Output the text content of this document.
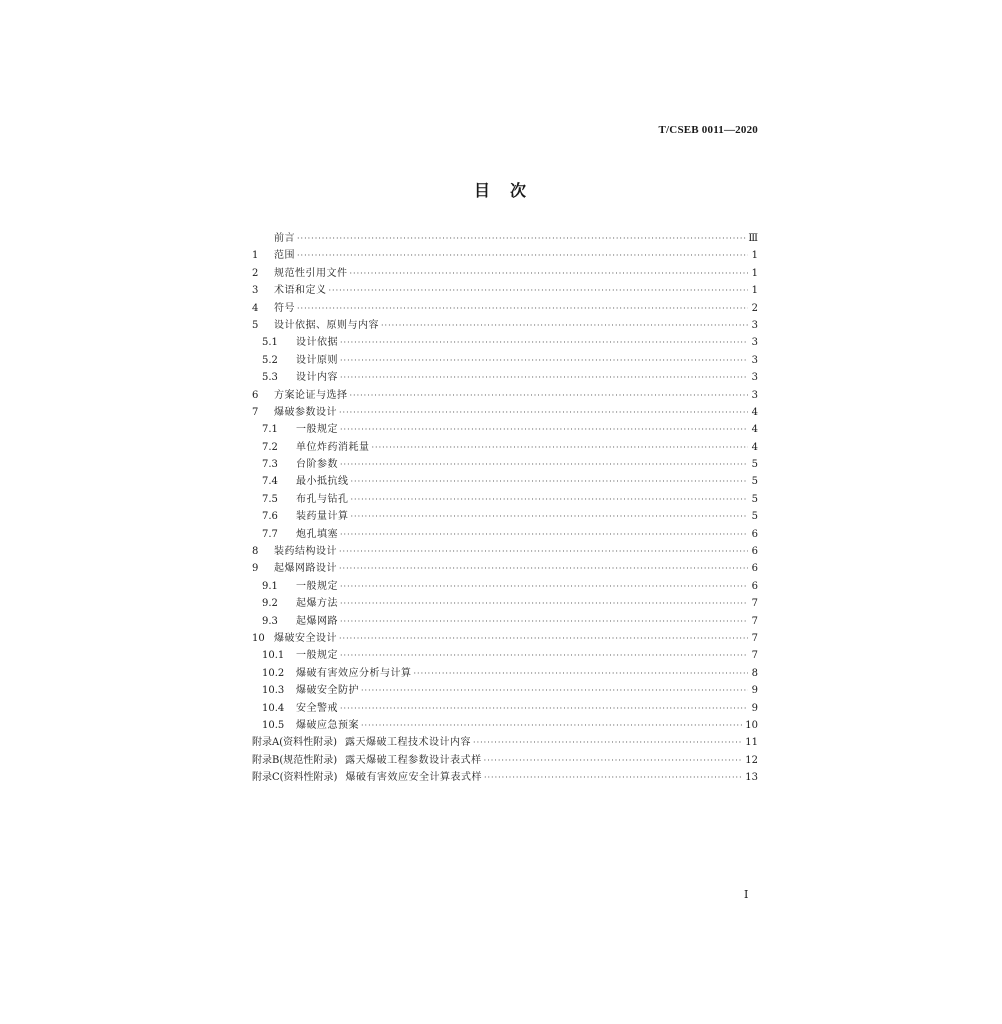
T/CSEB 0011—2020
目　次
前言 ·····	Ⅲ
1	范围 ·····	1
2	规范性引用文件 ·····	1
3	术语和定义 ·····	1
4	符号 ·····	2
5	设计依据、原则与内容 ·····	3
5.1	设计依据 ·····	3
5.2	设计原则 ·····	3
5.3	设计内容 ·····	3
6	方案论证与选择 ·····	3
7	爆破参数设计 ·····	4
7.1	一般规定 ·····	4
7.2	单位炸药消耗量 ·····	4
7.3	台阶参数 ·····	5
7.4	最小抵抗线 ·····	5
7.5	布孔与钻孔 ·····	5
7.6	装药量计算 ·····	5
7.7	炮孔填塞 ·····	6
8	装药结构设计 ·····	6
9	起爆网路设计 ·····	6
9.1	一般规定 ·····	6
9.2	起爆方法 ·····	7
9.3	起爆网路 ·····	7
10 爆破安全设计 ·····	7
10.1	一般规定 ·····	7
10.2	爆破有害效应分析与计算 ·····	8
10.3	爆破安全防护 ·····	9
10.4	安全警戒 ·····	9
10.5	爆破应急预案 ·····	10
附录A(资料性附录) 露天爆破工程技术设计内容 ·····	11
附录B(规范性附录) 露天爆破工程参数设计表式样 ·····	12
附录C(资料性附录) 爆破有害效应安全计算表式样 ·····	13
I
